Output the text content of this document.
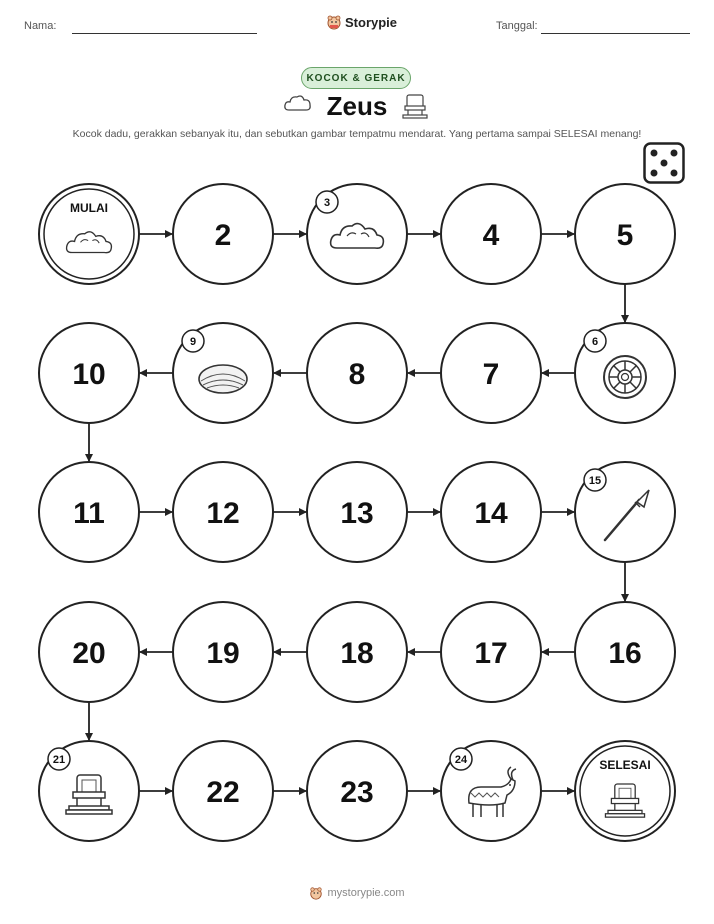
Nama:	Storypie	Tanggal:
KOCOK & GERAK
Zeus
Kocok dadu, gerakkan sebanyak itu, dan sebutkan gambar tempatmu mendarat. Yang pertama sampai SELESAI menang!
MULAI
2
3
4	5
6
7
8
9
10
11	12	13	14
15
16
17
18
19
20
21
22	23
24	SELESAI
mystorypie.com
